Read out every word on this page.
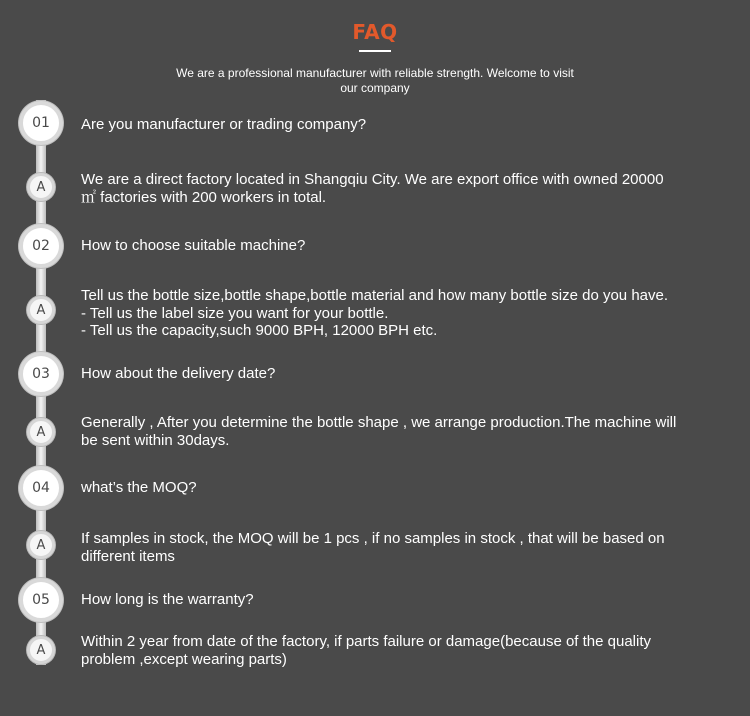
FAQ
We are a professional manufacturer with reliable strength. Welcome to visit
our company
01	Are you manufacturer or trading company?
A	We are a direct factory located in Shangqiu City. We are export office with owned 20000
㎡ factories with 200 workers in total.
02	How to choose suitable machine?
A
Tell us the bottle size,bottle shape,bottle material and how many bottle size do you have.
- Tell us the label size you want for your bottle.
- Tell us the capacity,such 9000 BPH, 12000 BPH etc.
03	How about the delivery date?
A
Generally , After you determine the bottle shape , we arrange production.The machine will
be sent within 30days.
04	what’s the MOQ?
A	If samples in stock, the MOQ will be 1 pcs , if no samples in stock , that will be based on
different items
05	How long is the warranty?
A	Within 2 year from date of the factory, if parts failure or damage(because of the quality
problem ,except wearing parts)
